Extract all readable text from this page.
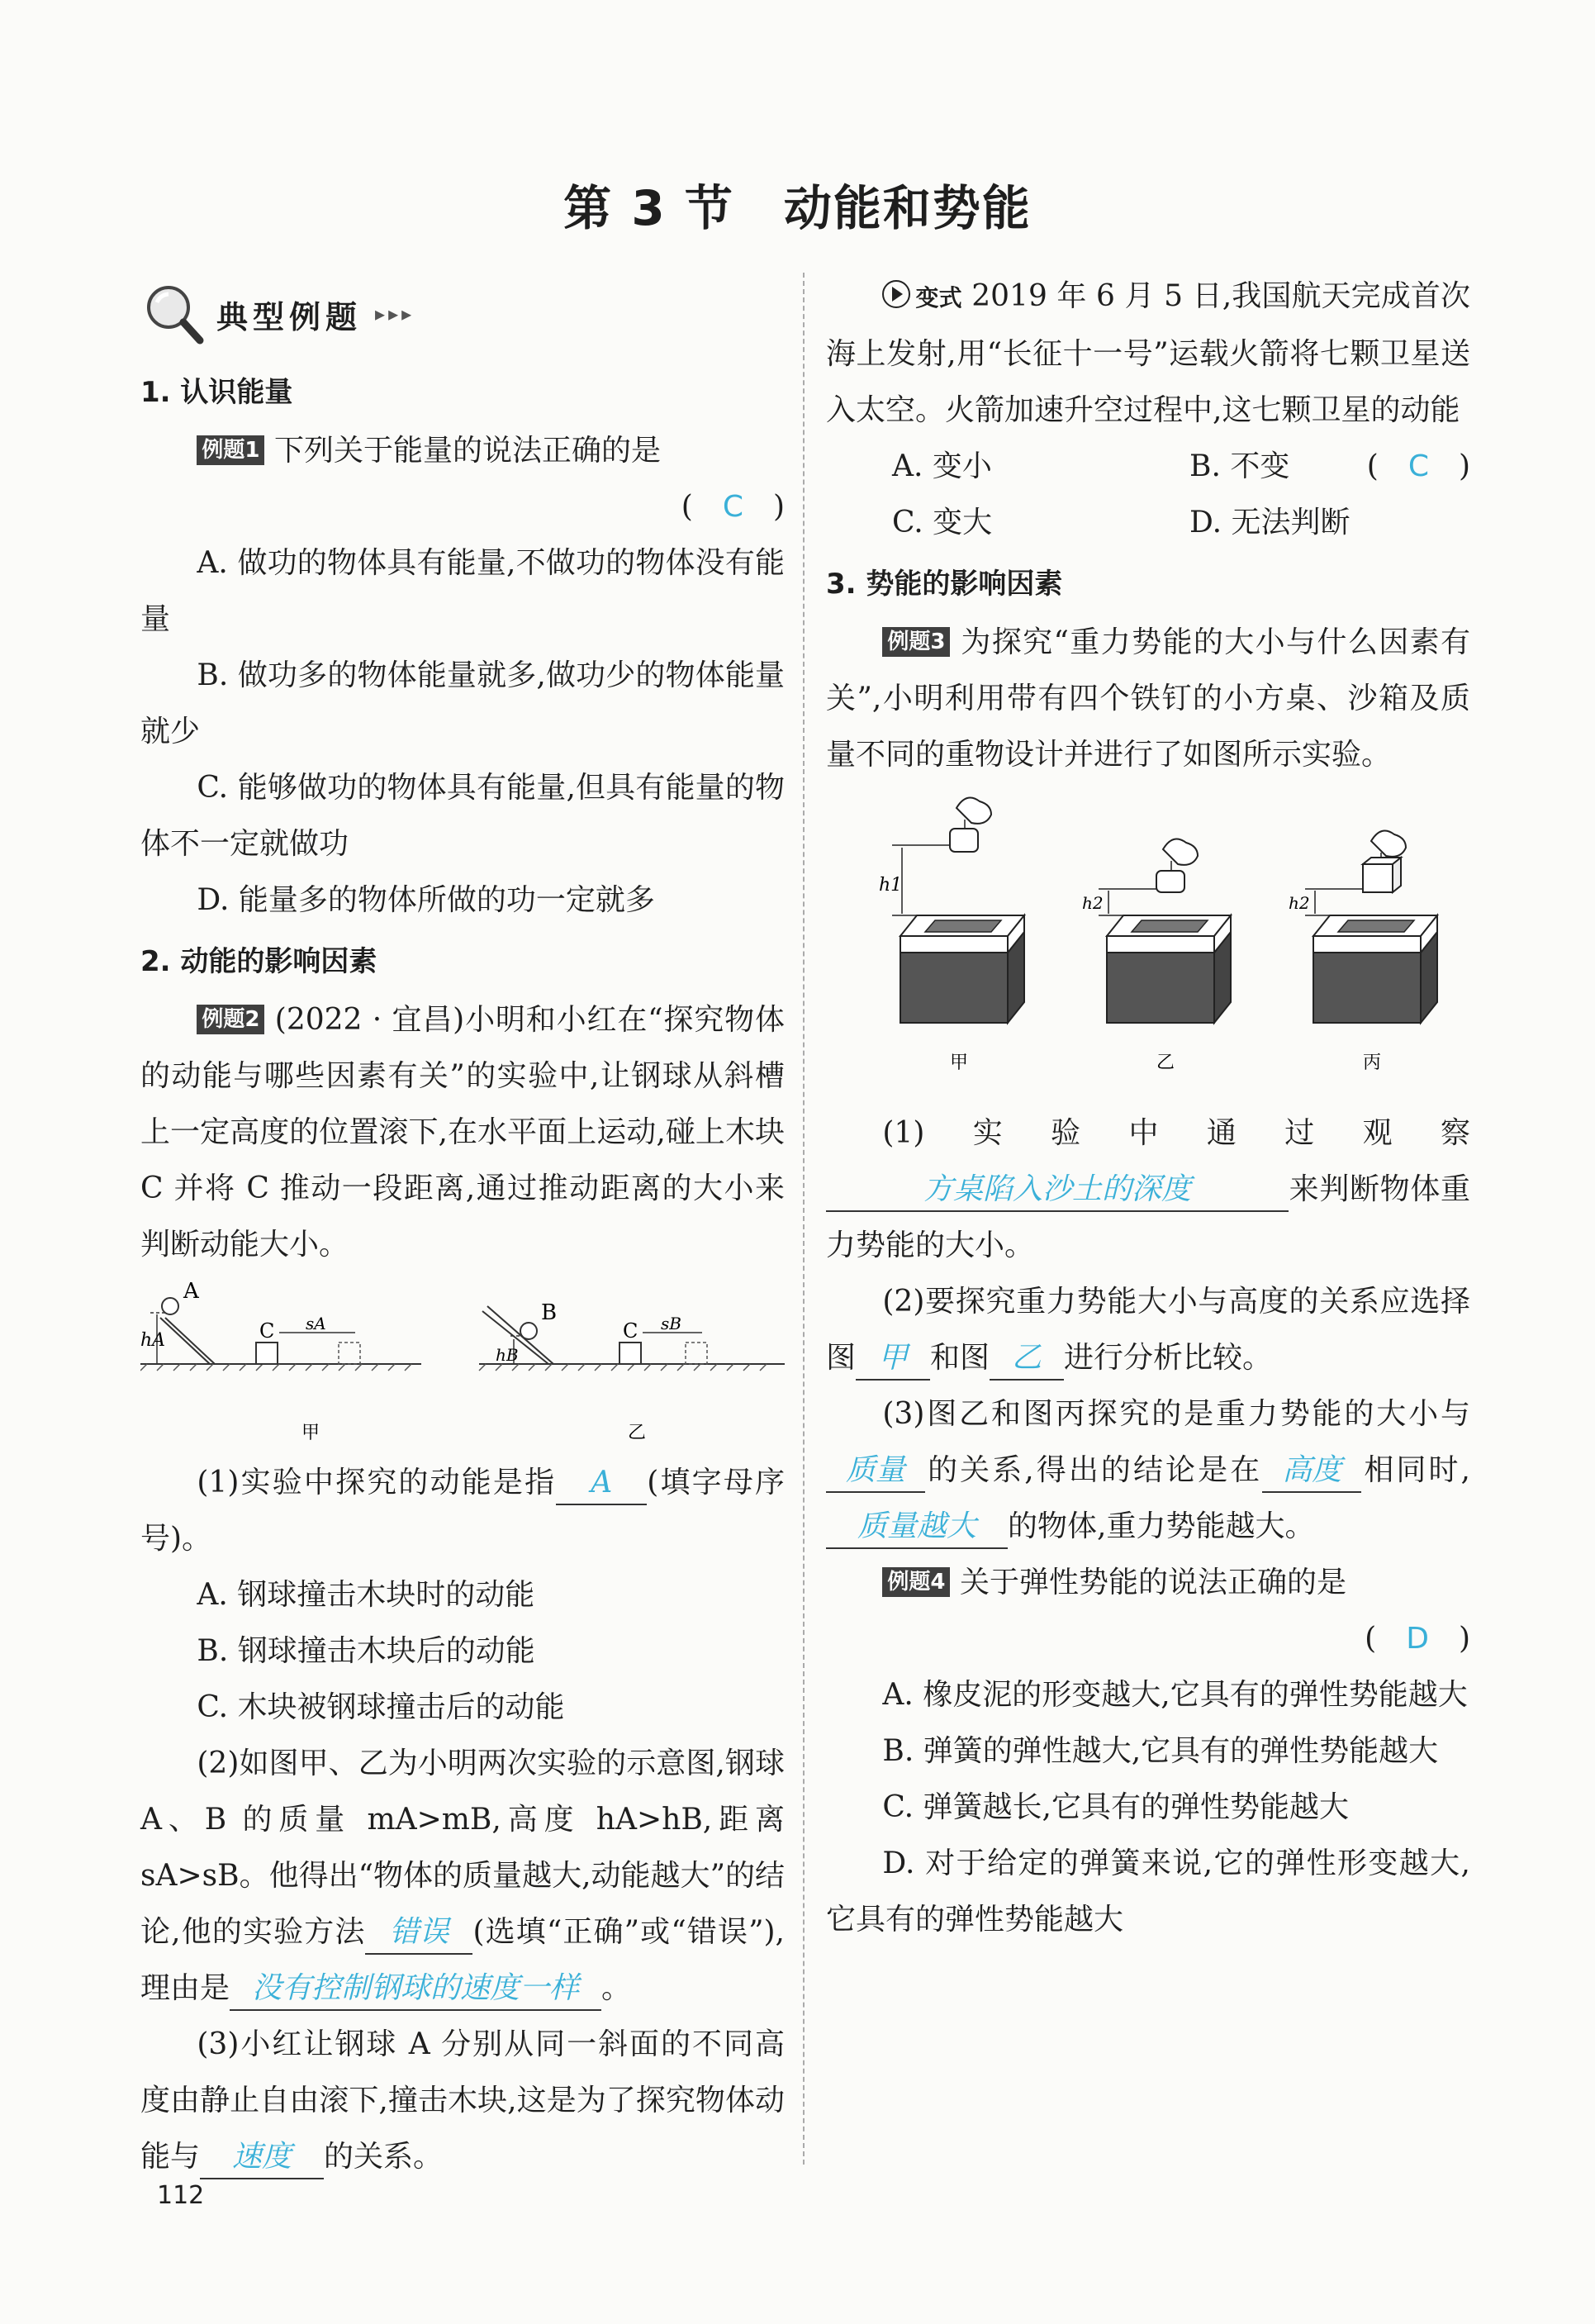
第 3 节　动能和势能
典型例题 ▸▸▸
1. 认识能量

例题1 下列关于能量的说法正确的是

(　C　)

A. 做功的物体具有能量,不做功的物体没有能量

B. 做功多的物体能量就多,做功少的物体能量就少

C. 能够做功的物体具有能量,但具有能量的物体不一定就做功

D. 能量多的物体所做的功一定就多

2. 动能的影响因素

例题2 (2022 · 宜昌)小明和小红在“探究物体的动能与哪些因素有关”的实验中,让钢球从斜槽上一定高度的位置滚下,在水平面上运动,碰上木块 C 并将 C 推动一段距离,通过推动距离的大小来判断动能大小。

A
hA	C sA
甲
B
hB
C sB
乙

(1)实验中探究的动能是指 A (填字母序号)。

A. 钢球撞击木块时的动能

B. 钢球撞击木块后的动能

C. 木块被钢球撞击后的动能

(2)如图甲、乙为小明两次实验的示意图,钢球 A、B 的质量 mA>mB,高度 hA>hB,距离 sA>sB。他得出“物体的质量越大,动能越大”的结论,他的实验方法 错误 (选填“正确”或“错误”),理由是 没有控制钢球的速度一样 。

(3)小红让钢球 A 分别从同一斜面的不同高度由静止自由滚下,撞击木块,这是为了探究物体动能与 速度 的关系。

变式 2019 年 6 月 5 日,我国航天完成首次海上发射,用“长征十一号”运载火箭将七颗卫星送入太空。火箭加速升空过程中,这七颗卫星的动能
(　C　)

A. 变小	B. 不变
C. 变大	D. 无法判断
3. 势能的影响因素

例题3 为探究“重力势能的大小与什么因素有关”,小明利用带有四个铁钉的小方桌、沙箱及质量不同的重物设计并进行了如图所示实验。

h1
h2	h2
甲	乙	丙

(1)实验中通过观察方桌陷入沙土的深度	来判断物体重力势能的大小。

(2)要探究重力势能大小与高度的关系应选择图 甲 和图 乙 进行分析比较。

(3)图乙和图丙探究的是重力势能的大小与质量 的关系,得出的结论是在 高度 相同时,质量越大 的物体,重力势能越大。

例题4 关于弹性势能的说法正确的是

(　D　)

A. 橡皮泥的形变越大,它具有的弹性势能越大

B. 弹簧的弹性越大,它具有的弹性势能越大

C. 弹簧越长,它具有的弹性势能越大

D. 对于给定的弹簧来说,它的弹性形变越大,它具有的弹性势能越大

112
